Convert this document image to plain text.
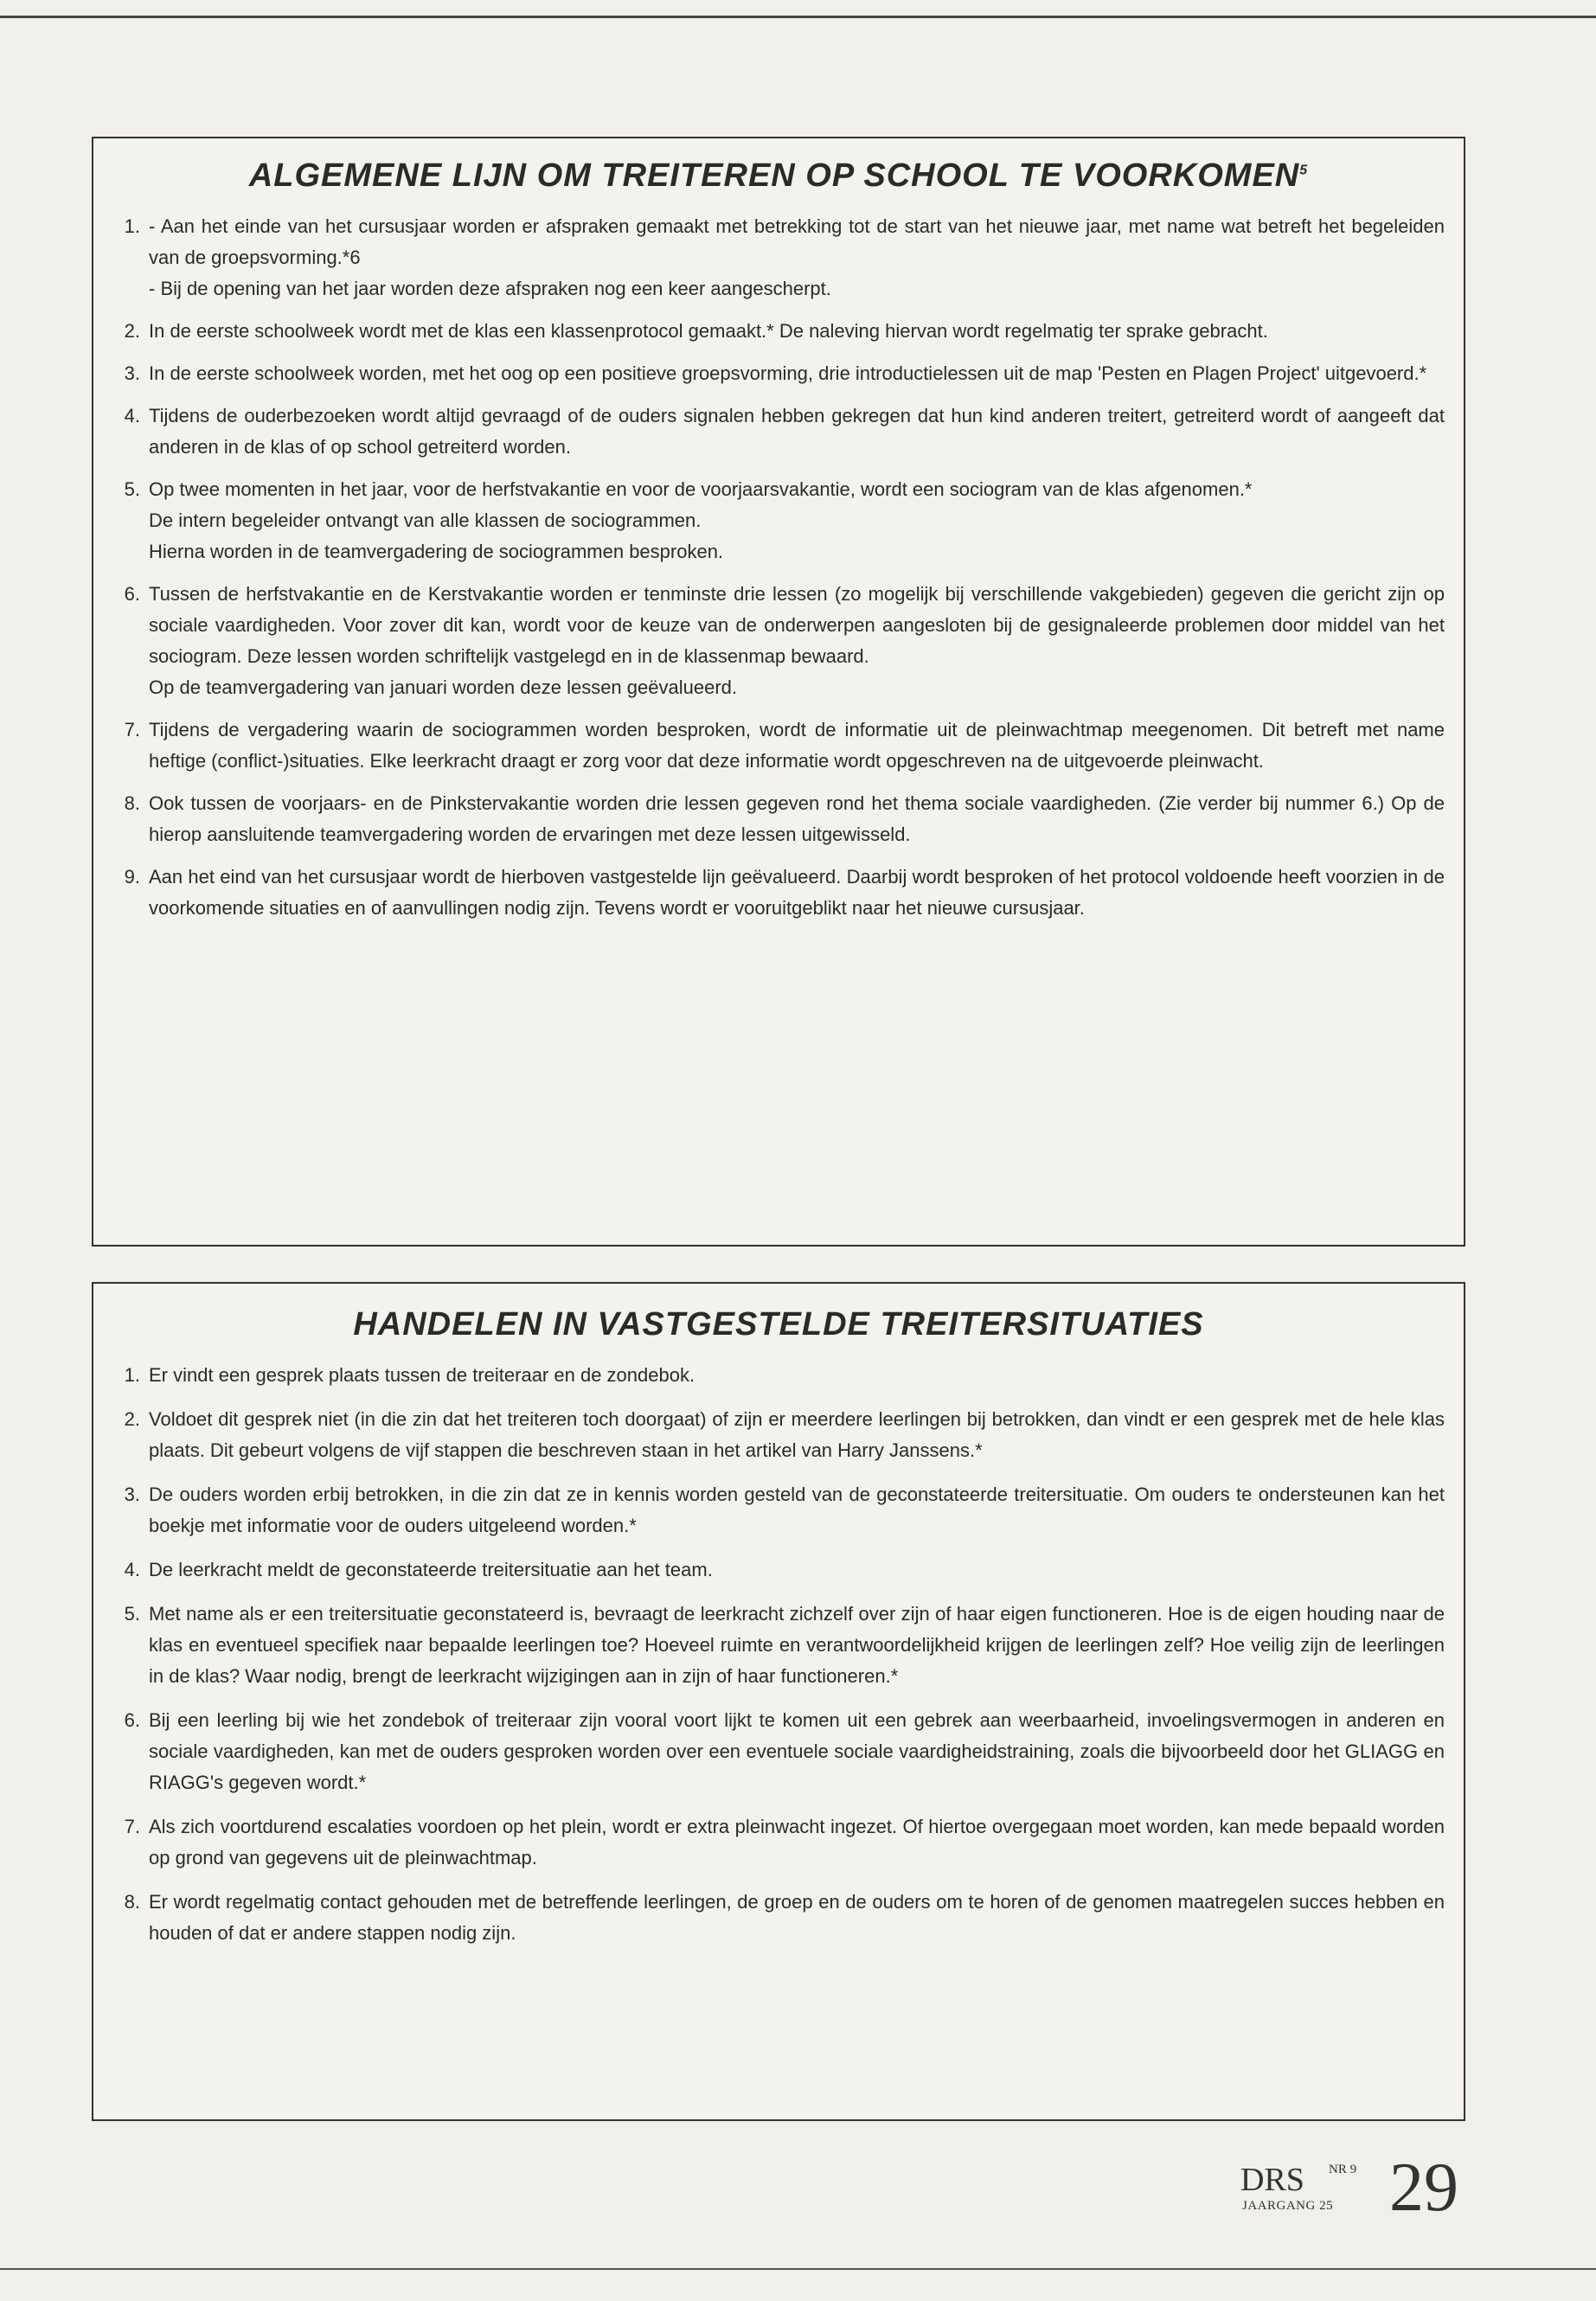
ALGEMENE LIJN OM TREITEREN OP SCHOOL TE VOORKOMEN$^5$
1. - Aan het einde van het cursusjaar worden er afspraken gemaakt met betrekking tot de start van het nieuwe jaar, met name wat betreft het begeleiden van de groepsvorming.*6

- Bij de opening van het jaar worden deze afspraken nog een keer aangescherpt.

2. In de eerste schoolweek wordt met de klas een klassenprotocol gemaakt.* De naleving hiervan wordt regelmatig ter sprake gebracht.

3. In de eerste schoolweek worden, met het oog op een positieve groepsvorming, drie introductielessen uit de map 'Pesten en Plagen Project' uitgevoerd.*

4. Tijdens de ouderbezoeken wordt altijd gevraagd of de ouders signalen hebben gekregen dat hun kind anderen treitert, getreiterd wordt of aangeeft dat anderen in de klas of op school getreiterd worden.

5. Op twee momenten in het jaar, voor de herfstvakantie en voor de voorjaarsvakantie, wordt een sociogram van de klas afgenomen.*

De intern begeleider ontvangt van alle klassen de sociogrammen.

Hierna worden in de teamvergadering de sociogrammen besproken.

6. Tussen de herfstvakantie en de Kerstvakantie worden er tenminste drie lessen (zo mogelijk bij verschillende vakgebieden) gegeven die gericht zijn op sociale vaardigheden. Voor zover dit kan, wordt voor de keuze van de onderwerpen aangesloten bij de gesignaleerde problemen door middel van het sociogram. Deze lessen worden schriftelijk vastgelegd en in de klassenmap bewaard.

Op de teamvergadering van januari worden deze lessen geëvalueerd.

7. Tijdens de vergadering waarin de sociogrammen worden besproken, wordt de informatie uit de pleinwachtmap meegenomen. Dit betreft met name heftige (conflict-)situaties. Elke leerkracht draagt er zorg voor dat deze informatie wordt opgeschreven na de uitgevoerde pleinwacht.

8. Ook tussen de voorjaars- en de Pinkstervakantie worden drie lessen gegeven rond het thema sociale vaardigheden. (Zie verder bij nummer 6.) Op de hierop aansluitende teamvergadering worden de ervaringen met deze lessen uitgewisseld.

9. Aan het eind van het cursusjaar wordt de hierboven vastgestelde lijn geëvalueerd. Daarbij wordt besproken of het protocol voldoende heeft voorzien in de voorkomende situaties en of aanvullingen nodig zijn. Tevens wordt er vooruitgeblikt naar het nieuwe cursusjaar.

HANDELEN IN VASTGESTELDE TREITERSITUATIES
1. Er vindt een gesprek plaats tussen de treiteraar en de zondebok.

2. Voldoet dit gesprek niet (in die zin dat het treiteren toch doorgaat) of zijn er meerdere leerlingen bij betrokken, dan vindt er een gesprek met de hele klas plaats. Dit gebeurt volgens de vijf stappen die beschreven staan in het artikel van Harry Janssens.*

3. De ouders worden erbij betrokken, in die zin dat ze in kennis worden gesteld van de geconstateerde treitersituatie. Om ouders te ondersteunen kan het boekje met informatie voor de ouders uitgeleend worden.*

4. De leerkracht meldt de geconstateerde treitersituatie aan het team.

5. Met name als er een treitersituatie geconstateerd is, bevraagt de leerkracht zichzelf over zijn of haar eigen functioneren. Hoe is de eigen houding naar de klas en eventueel specifiek naar bepaalde leerlingen toe? Hoeveel ruimte en verantwoordelijkheid krijgen de leerlingen zelf? Hoe veilig zijn de leerlingen in de klas? Waar nodig, brengt de leerkracht wijzigingen aan in zijn of haar functioneren.*

6. Bij een leerling bij wie het zondebok of treiteraar zijn vooral voort lijkt te komen uit een gebrek aan weerbaarheid, invoelingsvermogen in anderen en sociale vaardigheden, kan met de ouders gesproken worden over een eventuele sociale vaardigheidstraining, zoals die bijvoorbeeld door het GLIAGG en RIAGG's gegeven wordt.*

7. Als zich voortdurend escalaties voordoen op het plein, wordt er extra pleinwacht ingezet. Of hiertoe overgegaan moet worden, kan mede bepaald worden op grond van gegevens uit de pleinwachtmap.

8. Er wordt regelmatig contact gehouden met de betreffende leerlingen, de groep en de ouders om te horen of de genomen maatregelen succes hebben en houden of dat er andere stappen nodig zijn.

DRS NR 9
JAARGANG 25 29
